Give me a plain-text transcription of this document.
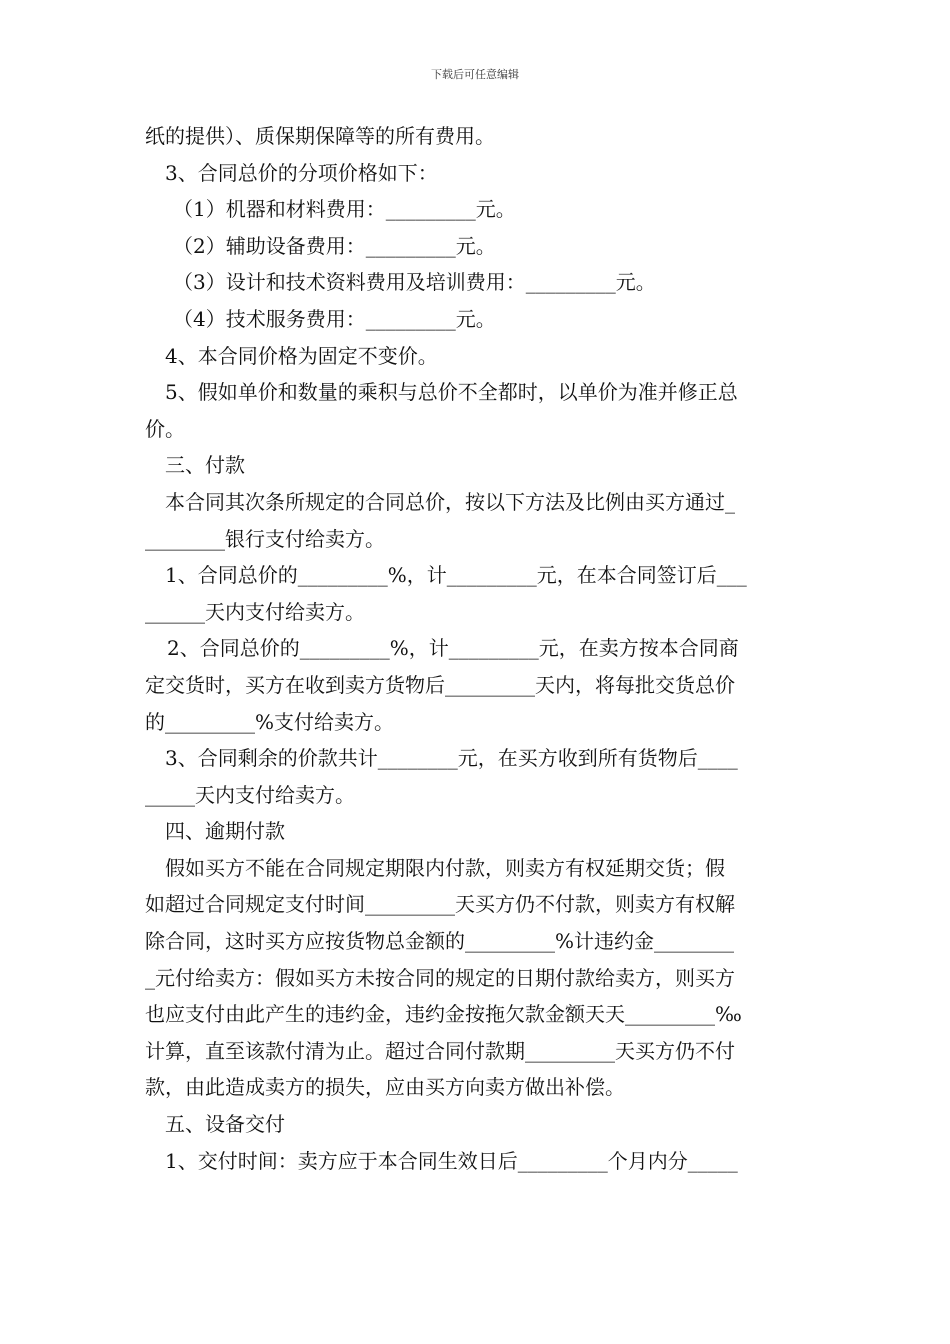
下载后可任意编辑
纸的提供）、质保期保障等的所有费用。
3、合同总价的分项价格如下：
（1）机器和材料费用：_________元。
（2）辅助设备费用：_________元。
（3）设计和技术资料费用及培训费用：_________元。
（4）技术服务费用：_________元。
4、本合同价格为固定不变价。
5、假如单价和数量的乘积与总价不全都时，以单价为准并修正总
价。
三、付款
本合同其次条所规定的合同总价，按以下方法及比例由买方通过_
________银行支付给卖方。
1、合同总价的_________%，计_________元，在本合同签订后___
______天内支付给卖方。
2、合同总价的_________%，计_________元，在卖方按本合同商
定交货时，买方在收到卖方货物后_________天内，将每批交货总价
的_________%支付给卖方。
3、合同剩余的价款共计________元，在买方收到所有货物后____
_____天内支付给卖方。
四、逾期付款
假如买方不能在合同规定期限内付款，则卖方有权延期交货；假
如超过合同规定支付时间_________天买方仍不付款，则卖方有权解
除合同，这时买方应按货物总金额的_________%计违约金________
_元付给卖方：假如买方未按合同的规定的日期付款给卖方，则买方
也应支付由此产生的违约金，违约金按拖欠款金额天天_________‰
计算，直至该款付清为止。超过合同付款期_________天买方仍不付
款，由此造成卖方的损失，应由买方向卖方做出补偿。
五、设备交付
1、交付时间：卖方应于本合同生效日后_________个月内分_____
